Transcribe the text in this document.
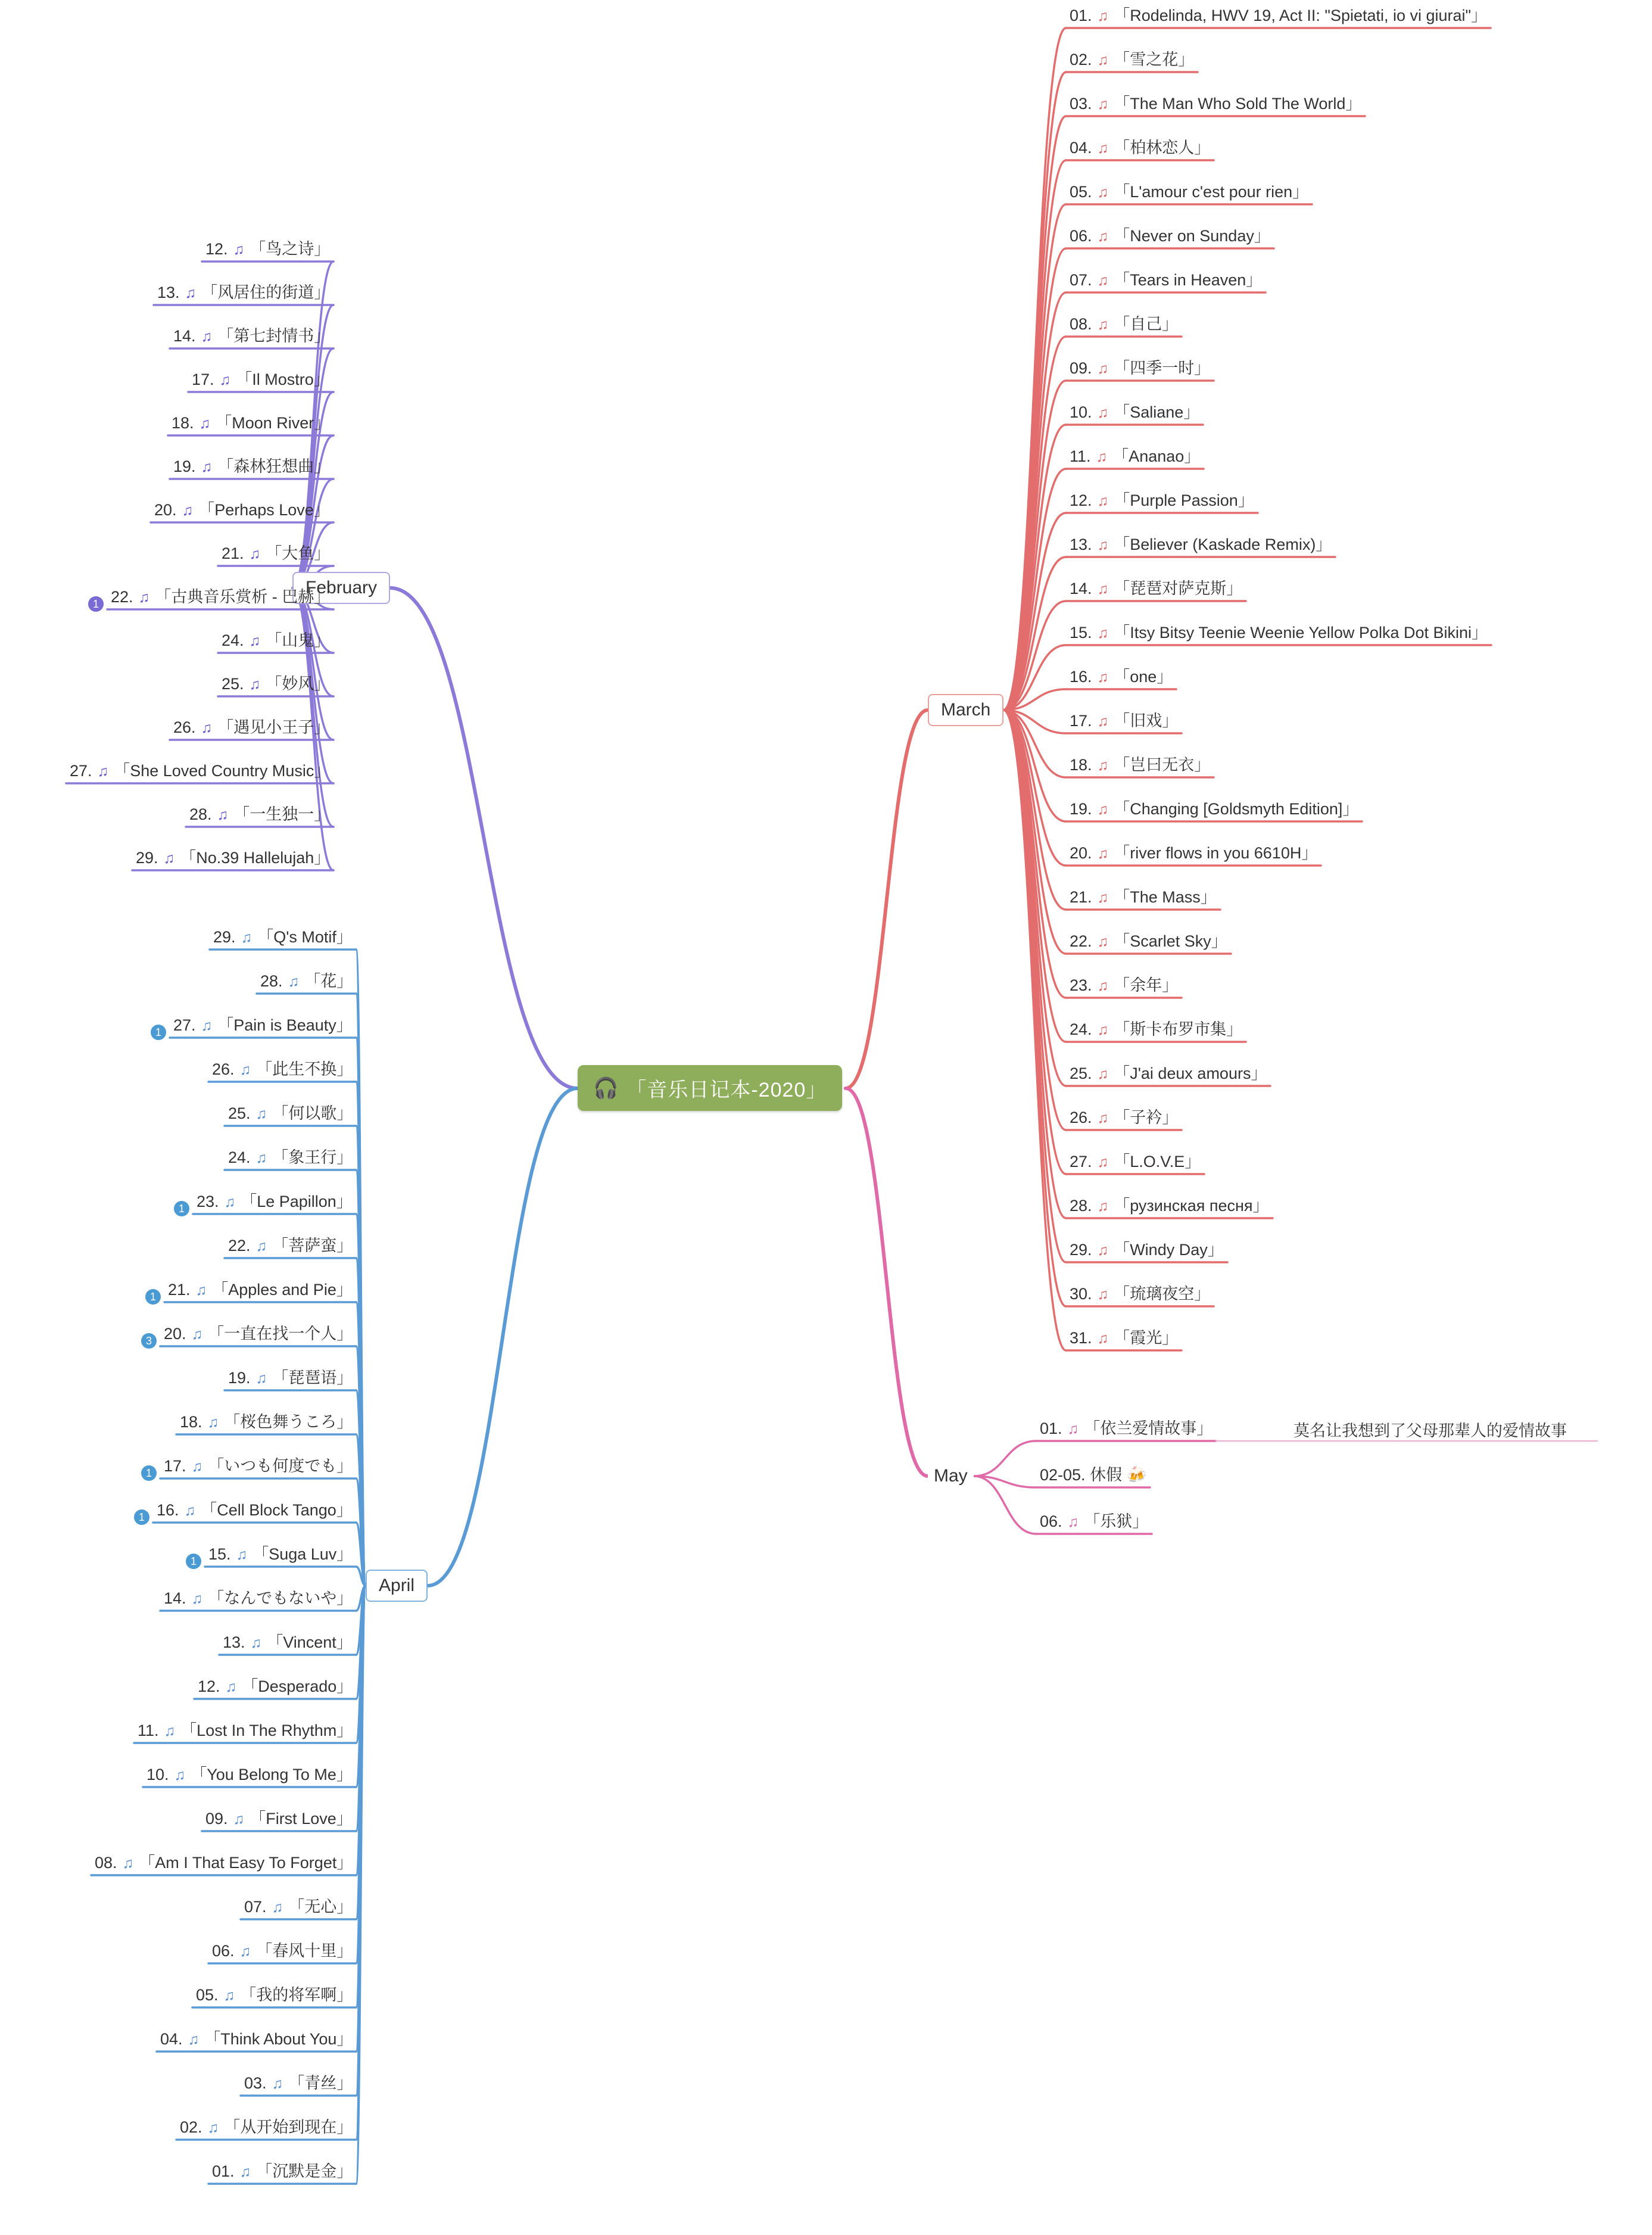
🎧 「音乐日记本-2020」
March
01. ♫ 「Rodelinda, HWV 19, Act II: "Spietati, io vi giurai"」
02. ♫ 「雪之花」
03. ♫ 「The Man Who Sold The World」
04. ♫ 「柏林恋人」
05. ♫ 「L'amour c'est pour rien」
06. ♫ 「Never on Sunday」
07. ♫ 「Tears in Heaven」
08. ♫ 「自己」
09. ♫ 「四季一时」
10. ♫ 「Saliane」
11. ♫ 「Ananao」
12. ♫ 「Purple Passion」
13. ♫ 「Believer (Kaskade Remix)」
14. ♫ 「琵琶对萨克斯」
15. ♫ 「Itsy Bitsy Teenie Weenie Yellow Polka Dot Bikini」
16. ♫ 「one」
17. ♫ 「旧戏」
18. ♫ 「岂曰无衣」
19. ♫ 「Changing [Goldsmyth Edition]」
20. ♫ 「river flows in you 6610H」
21. ♫ 「The Mass」
22. ♫ 「Scarlet Sky」
23. ♫ 「余年」
24. ♫ 「斯卡布罗市集」
25. ♫ 「J'ai deux amours」
26. ♫ 「子衿」
27. ♫ 「L.O.V.E」
28. ♫ 「рузинская песня」
29. ♫ 「Windy Day」
30. ♫ 「琉璃夜空」
31. ♫ 「霞光」
May
01. ♫ 「依兰爱情故事」	莫名让我想到了父母那辈人的爱情故事
02-05. 休假 🍻
06. ♫ 「乐狱」
February
12. ♫ 「鸟之诗」
13. ♫ 「风居住的街道」
14. ♫ 「第七封情书」
17. ♫ 「Il Mostro」
18. ♫ 「Moon River」
19. ♫ 「森林狂想曲」
20. ♫ 「Perhaps Love」
21. ♫ 「大鱼」
22. ♫ 「古典音乐赏析 - 巴赫」
1
24. ♫ 「山鬼」
25. ♫ 「妙风」
26. ♫ 「遇见小王子」
27. ♫ 「She Loved Country Music」
28. ♫ 「一生独一」
29. ♫ 「No.39 Hallelujah」
April
29. ♫ 「Q's Motif」
28. ♫ 「花」
27. ♫ 「Pain is Beauty」
1
26. ♫ 「此生不换」
25. ♫ 「何以歌」
24. ♫ 「象王行」
23. ♫ 「Le Papillon」
1
22. ♫ 「菩萨蛮」
21. ♫ 「Apples and Pie」
1
20. ♫ 「一直在找一个人」
3
19. ♫ 「琵琶语」
18. ♫ 「桜色舞うころ」
17. ♫ 「いつも何度でも」
1
16. ♫ 「Cell Block Tango」
1
15. ♫ 「Suga Luv」
1
14. ♫ 「なんでもないや」
13. ♫ 「Vincent」
12. ♫ 「Desperado」
11. ♫ 「Lost In The Rhythm」
10. ♫ 「You Belong To Me」
09. ♫ 「First Love」
08. ♫ 「Am I That Easy To Forget」
07. ♫ 「无心」
06. ♫ 「春风十里」
05. ♫ 「我的将军啊」
04. ♫ 「Think About You」
03. ♫ 「青丝」
02. ♫ 「从开始到现在」
01. ♫ 「沉默是金」
